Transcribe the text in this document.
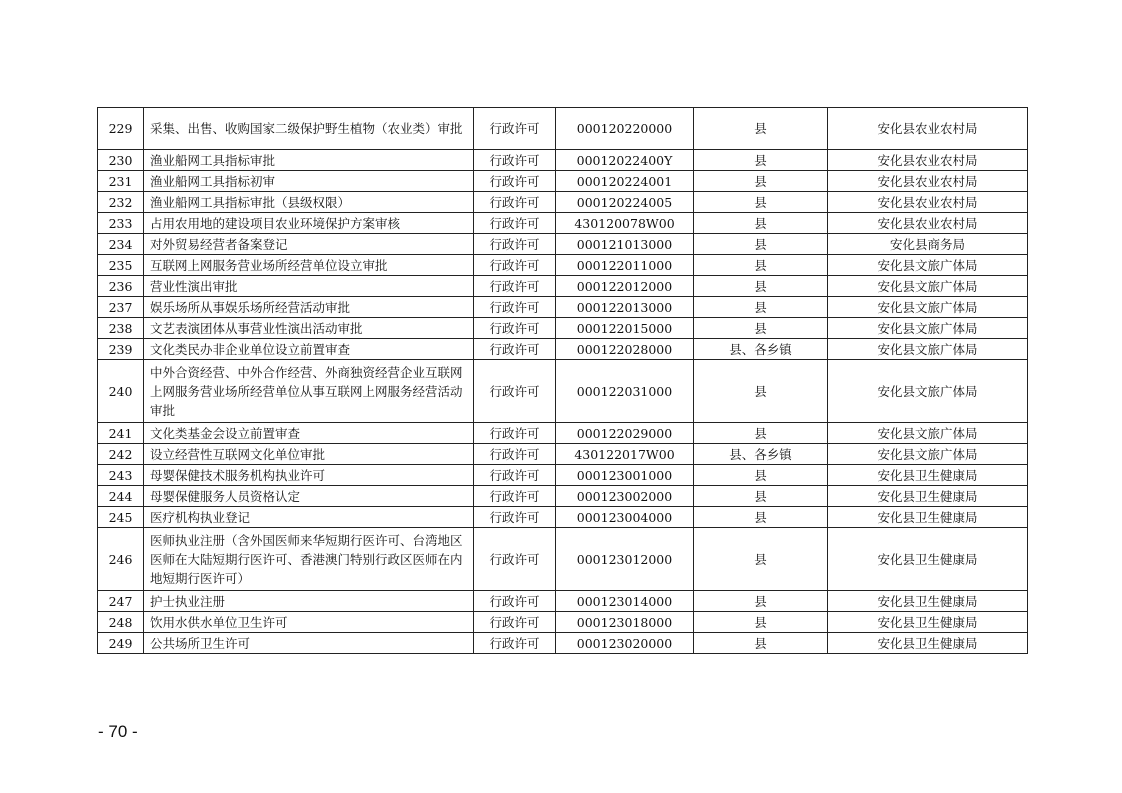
229	采集、出售、收购国家二级保护野生植物（农业类）审批	行政许可	000120220000	县	安化县农业农村局
230	渔业船网工具指标审批	行政许可	00012022400Y	县	安化县农业农村局
231	渔业船网工具指标初审	行政许可	000120224001	县	安化县农业农村局
232	渔业船网工具指标审批（县级权限）	行政许可	000120224005	县	安化县农业农村局
233	占用农用地的建设项目农业环境保护方案审核	行政许可	430120078W00	县	安化县农业农村局
234	对外贸易经营者备案登记	行政许可	000121013000	县	安化县商务局
235	互联网上网服务营业场所经营单位设立审批	行政许可	000122011000	县	安化县文旅广体局
236	营业性演出审批	行政许可	000122012000	县	安化县文旅广体局
237	娱乐场所从事娱乐场所经营活动审批	行政许可	000122013000	县	安化县文旅广体局
238	文艺表演团体从事营业性演出活动审批	行政许可	000122015000	县	安化县文旅广体局
239	文化类民办非企业单位设立前置审查	行政许可	000122028000	县、各乡镇	安化县文旅广体局
240	中外合资经营、中外合作经营、外商独资经营企业互联网上网服务营业场所经营单位从事互联网上网服务经营活动审批	行政许可	000122031000	县	安化县文旅广体局
241	文化类基金会设立前置审查	行政许可	000122029000	县	安化县文旅广体局
242	设立经营性互联网文化单位审批	行政许可	430122017W00	县、各乡镇	安化县文旅广体局
243	母婴保健技术服务机构执业许可	行政许可	000123001000	县	安化县卫生健康局
244	母婴保健服务人员资格认定	行政许可	000123002000	县	安化县卫生健康局
245	医疗机构执业登记	行政许可	000123004000	县	安化县卫生健康局
246	医师执业注册（含外国医师来华短期行医许可、台湾地区医师在大陆短期行医许可、香港澳门特别行政区医师在内地短期行医许可）	行政许可	000123012000	县	安化县卫生健康局
247	护士执业注册	行政许可	000123014000	县	安化县卫生健康局
248	饮用水供水单位卫生许可	行政许可	000123018000	县	安化县卫生健康局
249	公共场所卫生许可	行政许可	000123020000	县	安化县卫生健康局
- 70 -
